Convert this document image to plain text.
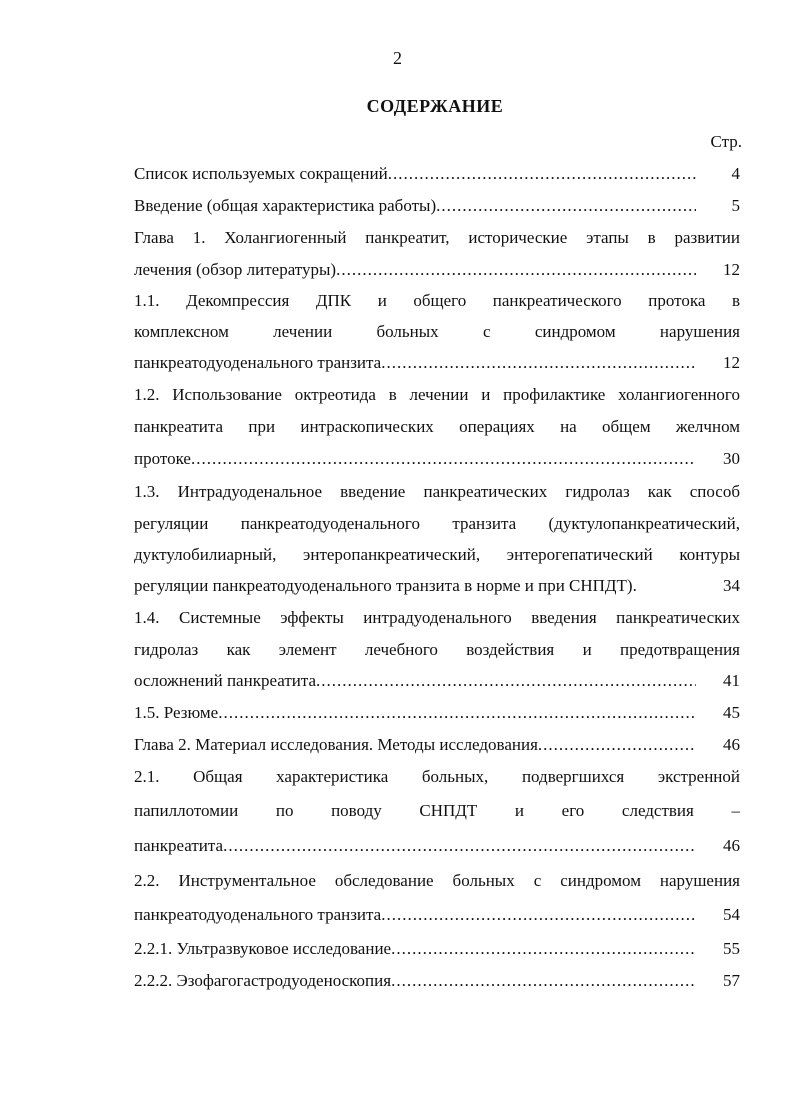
2
СОДЕРЖАНИЕ
Стр.
Список используемых сокращений .....	4
Введение (общая характеристика работы) .....	5
Глава 1. Холангиогенный панкреатит, исторические этапы в развитии
лечения (обзор литературы) .....	12
1.1. Декомпрессия ДПК и общего панкреатического протока в
комплексном лечении больных с синдромом нарушения
панкреатодуоденального транзита .....	12
1.2. Использование октреотида в лечении и профилактике холангиогенного
панкреатита при интраскопических операциях на общем желчном
протоке .....	30
1.3. Интрадуоденальное введение панкреатических гидролаз как способ
регуляции панкреатодуоденального транзита (дуктулопанкреатический,
дуктулобилиарный, энтеропанкреатический, энтерогепатический контуры
регуляции панкреатодуоденального транзита в норме и при СНПДТ).	34
1.4. Системные эффекты интрадуоденального введения панкреатических
гидролаз как элемент лечебного воздействия и предотвращения
осложнений панкреатита .....	41
1.5. Резюме .....	45
Глава 2. Материал исследования. Методы исследования .....	46
2.1. Общая характеристика больных, подвергшихся экстренной
папиллотомии по поводу СНПДТ и его следствия –
панкреатита .....	46
2.2. Инструментальное обследование больных с синдромом нарушения
панкреатодуоденального транзита .....	54
2.2.1. Ультразвуковое исследование .....	55
2.2.2. Эзофагогастродуоденоскопия .....	57
